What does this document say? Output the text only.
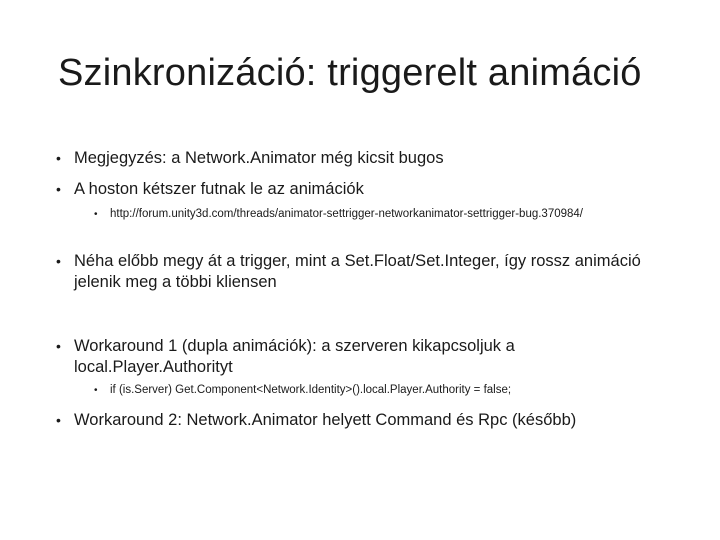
Szinkronizáció: triggerelt animáció
• Megjegyzés: a Network.Animator még kicsit bugos
• A hoston kétszer futnak le az animációk
•	http://forum.unity3d.com/threads/animator-settrigger-networkanimator-settrigger-bug.370984/
• Néha előbb megy át a trigger, mint a Set.Float/Set.Integer, így rossz animáció jelenik meg a többi kliensen
• Workaround 1 (dupla animációk): a szerveren kikapcsoljuk a local.Player.Authorityt
•	if (is.Server) Get.Component<Network.Identity>().local.Player.Authority = false;
• Workaround 2: Network.Animator helyett Command és Rpc (később)
